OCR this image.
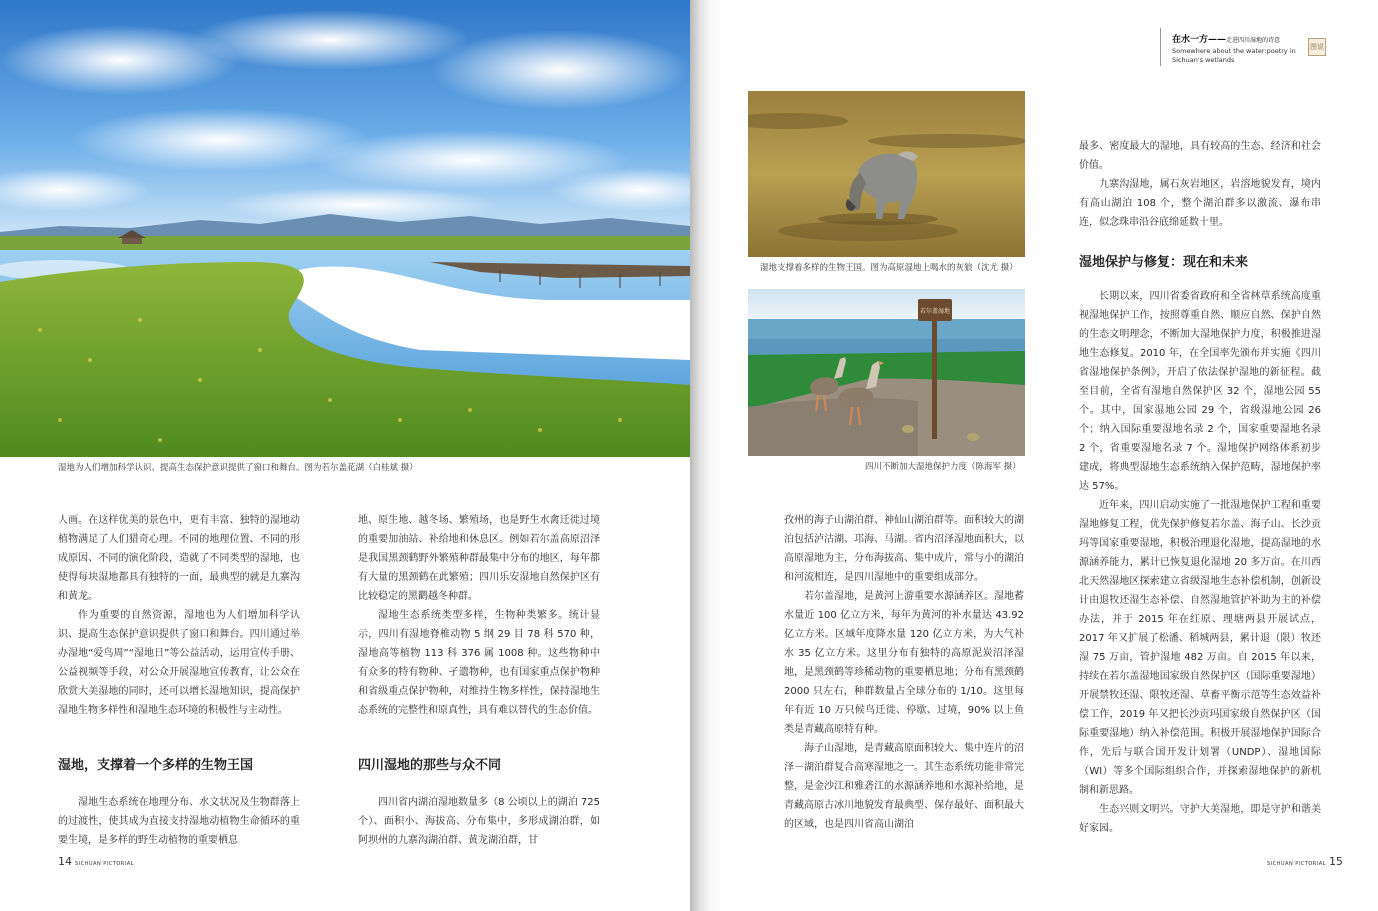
湿地为人们增加科学认识、提高生态保护意识提供了窗口和舞台。图为若尔盖花湖（白桂斌 摄）

人画。在这样优美的景色中，更有丰富、独特的湿地动植物满足了人们猎奇心理。不同的地理位置、不同的形成原因、不同的演化阶段，造就了不同类型的湿地，也使得每块湿地都具有独特的一面，最典型的就是九寨沟和黄龙。

作为重要的自然资源，湿地也为人们增加科学认识、提高生态保护意识提供了窗口和舞台。四川通过举办湿地“爱鸟周”“湿地日”等公益活动，运用宣传手册、公益视频等手段，对公众开展湿地宣传教育，让公众在欣赏大美湿地的同时，还可以增长湿地知识，提高保护湿地生物多样性和湿地生态环境的积极性与主动性。

湿地，支撑着一个多样的生物王国

湿地生态系统在地理分布、水文状况及生物群落上的过渡性，使其成为直接支持湿地动植物生命循环的重要生境，是多样的野生动植物的重要栖息

地、原生地、越冬场、繁殖场，也是野生水禽迁徙过境的重要加油站、补给地和休息区。例如若尔盖高原沼泽是我国黑颈鹤野外繁殖种群最集中分布的地区，每年都有大量的黑颈鹤在此繁殖；四川乐安湿地自然保护区有比较稳定的黑鹳越冬种群。

湿地生态系统类型多样，生物种类繁多。统计显示，四川有湿地脊椎动物 5 纲 29 目 78 科 570 种，湿地高等植物 113 科 376 属 1008 种。这些物种中有众多的特有物种、孑遗物种，也有国家重点保护物种和省级重点保护物种，对维持生物多样性，保持湿地生态系统的完整性和原真性，具有难以替代的生态价值。

四川湿地的那些与众不同

四川省内湖泊湿地数量多（8 公顷以上的湖泊 725 个）、面积小、海拔高、分布集中，多形成湖泊群，如阿坝州的九寨沟湖泊群、黄龙湖泊群，甘

14 SICHUAN PICTORIAL
在水一方——走进四川湿地的诗意
Somewhere about the water:poetry in Sichuan's wetlands
图说
湿地支撑着多样的生物王国。图为高原湿地上喝水的灰狼（沈尤 摄）
若尔盖湿地
四川不断加大湿地保护力度（陈海军 摄）

孜州的海子山湖泊群、神仙山湖泊群等。面积较大的湖泊包括泸沽湖、邛海、马湖。省内沼泽湿地面积大，以高原湿地为主，分布海拔高、集中成片，常与小的湖泊和河流相连，是四川湿地中的重要组成部分。

若尔盖湿地，是黄河上游重要水源涵养区。湿地蓄水量近 100 亿立方米，每年为黄河的补水量达 43.92 亿立方米。区域年度降水量 120 亿立方米，为大气补水 35 亿立方米。这里分布有独特的高原泥炭沼泽湿地，是黑颈鹤等珍稀动物的重要栖息地；分布有黑颈鹤 2000 只左右，种群数量占全球分布的 1/10。这里每年有近 10 万只候鸟迁徙、停歇、过境，90% 以上鱼类是青藏高原特有种。

海子山湿地，是青藏高原面积较大、集中连片的沼泽－湖泊群复合高寒湿地之一。其生态系统功能非常完整，是金沙江和雅砻江的水源涵养地和水源补给地，是青藏高原古冰川地貌发育最典型、保存最好、面积最大的区域，也是四川省高山湖泊

最多、密度最大的湿地，具有较高的生态、经济和社会价值。

九寨沟湿地，属石灰岩地区，岩溶地貌发育，境内有高山湖泊 108 个，整个湖泊群多以激流、瀑布串连，似念珠串沿谷底绵延数十里。

湿地保护与修复：现在和未来

长期以来，四川省委省政府和全省林草系统高度重视湿地保护工作，按照尊重自然、顺应自然、保护自然的生态文明理念，不断加大湿地保护力度，积极推进湿地生态修复。2010 年，在全国率先颁布并实施《四川省湿地保护条例》，开启了依法保护湿地的新征程。截至目前，全省有湿地自然保护区 32 个，湿地公园 55 个。其中，国家湿地公园 29 个，省级湿地公园 26 个；纳入国际重要湿地名录 2 个，国家重要湿地名录 2 个，省重要湿地名录 7 个。湿地保护网络体系初步建成，将典型湿地生态系统纳入保护范畴，湿地保护率达 57%。

近年来，四川启动实施了一批湿地保护工程和重要湿地修复工程，优先保护修复若尔盖、海子山、长沙贡玛等国家重要湿地，积极治理退化湿地，提高湿地的水源涵养能力，累计已恢复退化湿地 20 多万亩。在川西北天然湿地区探索建立省级湿地生态补偿机制，创新设计由退牧还湿生态补偿、自然湿地管护补助为主的补偿办法，并于 2015 年在红原、理塘两县开展试点，2017 年又扩展了松潘、稻城两县，累计退（限）牧还湿 75 万亩，管护湿地 482 万亩。自 2015 年以来，持续在若尔盖湿地国家级自然保护区（国际重要湿地）开展禁牧还湿、限牧还湿、草畜平衡示范等生态效益补偿工作，2019 年又把长沙贡玛国家级自然保护区（国际重要湿地）纳入补偿范围。积极开展湿地保护国际合作，先后与联合国开发计划署（UNDP）、湿地国际（WI）等多个国际组织合作，并探索湿地保护的新机制和新思路。

生态兴则文明兴。守护大美湿地，即是守护和谐美好家园。

SICHUAN PICTORIAL 15
